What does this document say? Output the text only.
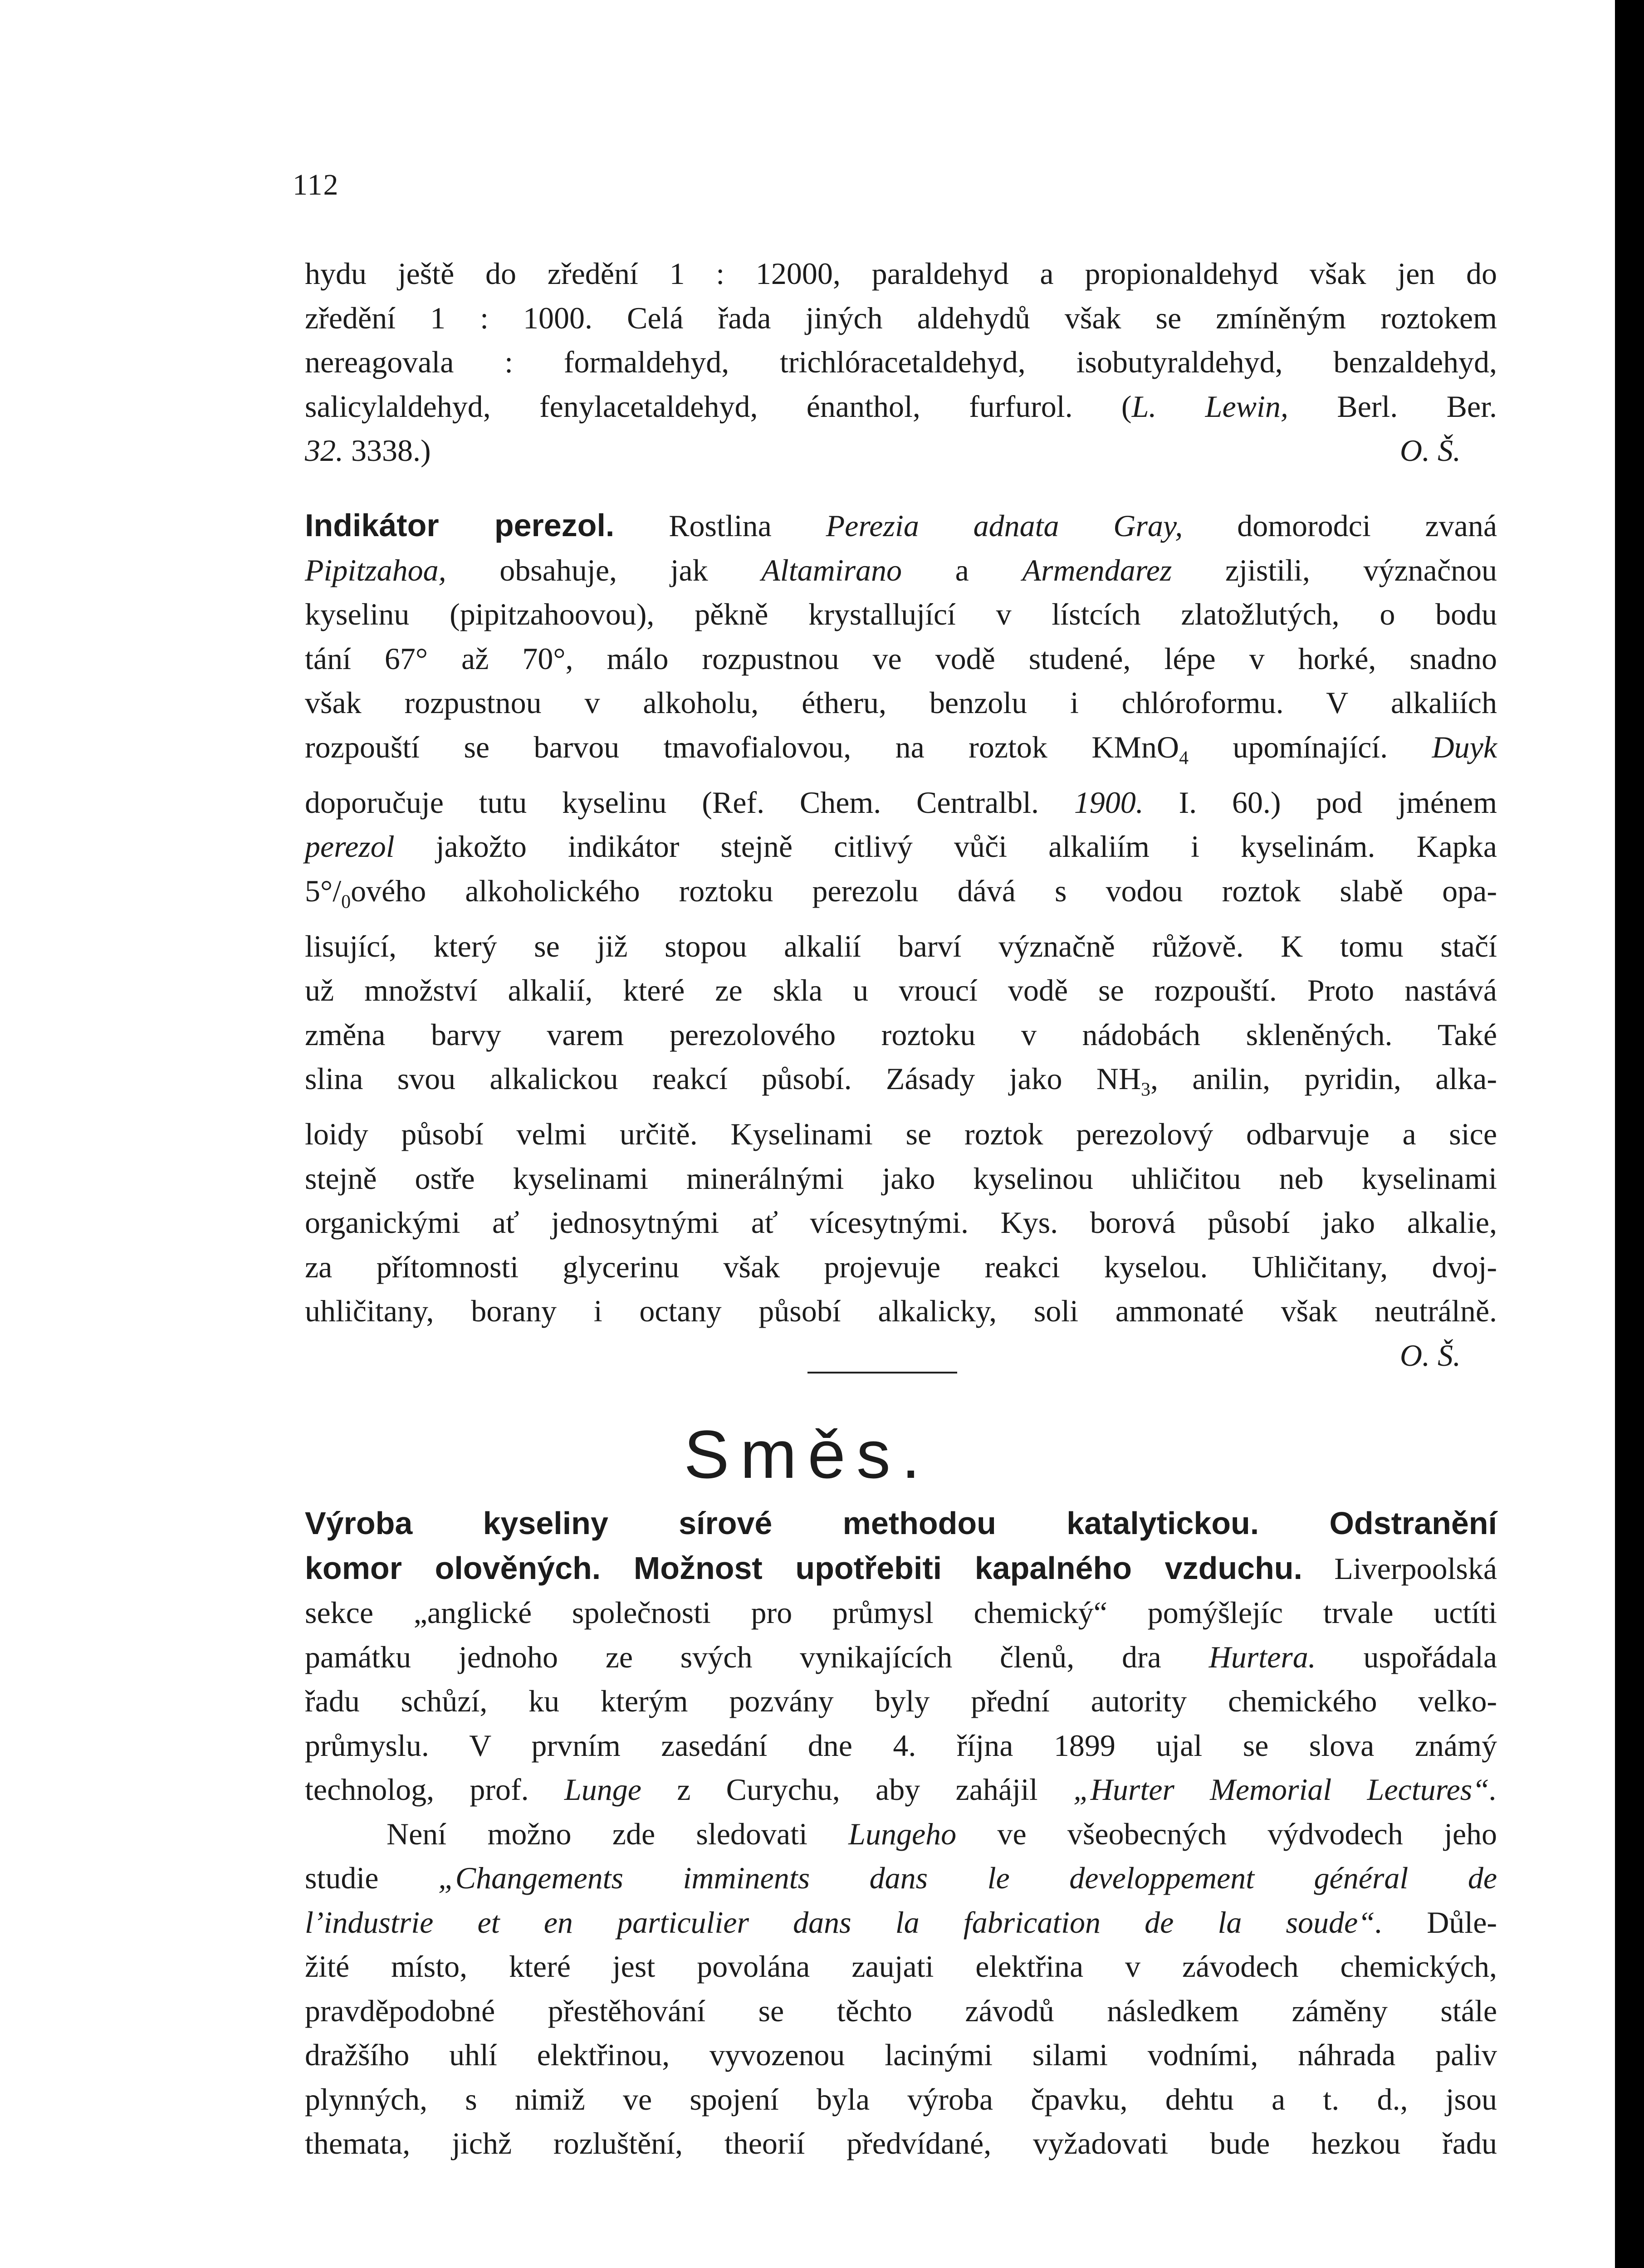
112

hydu ještě do zředění 1 : 12000, paraldehyd a propionaldehyd však jen do

zředění 1 : 1000. Celá řada jiných aldehydů však se zmíněným roztokem

nereagovala : formaldehyd, trichlóracetaldehyd, isobutyraldehyd, benzaldehyd,

salicylaldehyd, fenylacetaldehyd, énanthol, furfurol. (L. Lewin, Berl. Ber.

32. 3338.)	O. Š.

Indikátor perezol. Rostlina Perezia adnata Gray, domorodci zvaná

Pipitzahoa, obsahuje, jak Altamirano a Armendarez zjistili, význačnou

kyselinu (pipitzahoovou), pěkně krystallující v lístcích zlatožlutých, o bodu

tání 67° až 70°, málo rozpustnou ve vodě studené, lépe v horké, snadno

však rozpustnou v alkoholu, étheru, benzolu i chlóroformu. V alkaliích

rozpouští se barvou tmavofialovou, na roztok KMnO$_4$ upomínající. Duyk

doporučuje tutu kyselinu (Ref. Chem. Centralbl. 1900. I. 60.) pod jménem

perezol jakožto indikátor stejně citlivý vůči alkaliím i kyselinám. Kapka

$5^\circ/_0ového$ alkoholického roztoku perezolu dává s vodou roztok slabě opa-

lisující, který se již stopou alkalií barví význačně růžově. K tomu stačí

už množství alkalií, které ze skla u vroucí vodě se rozpouští. Proto nastává

změna barvy varem perezolového roztoku v nádobách skleněných. Také

slina svou alkalickou reakcí působí. Zásady jako $NH_3$, anilin, pyridin, alka-

loidy působí velmi určitě. Kyselinami se roztok perezolový odbarvuje a sice

stejně ostře kyselinami minerálnými jako kyselinou uhličitou neb kyselinami

organickými ať jednosytnými ať vícesytnými. Kys. borová působí jako alkalie,

za přítomnosti glycerinu však projevuje reakci kyselou. Uhličitany, dvoj-

uhličitany, borany i octany působí alkalicky, soli ammonaté však neutrálně.

O. Š.
Směs.

Výroba kyseliny sírové methodou katalytickou. Odstranění

komor olověných. Možnost upotřebiti kapalného vzduchu. Liverpoolská

sekce „anglické společnosti pro průmysl chemický“ pomýšlejíc trvale uctíti

památku jednoho ze svých vynikajících členů, dra Hurtera. uspořádala

řadu schůzí, ku kterým pozvány byly přední autority chemického velko-

průmyslu. V prvním zasedání dne 4. října 1899 ujal se slova známý

technolog, prof. Lunge z Curychu, aby zahájil „Hurter Memorial Lectures“.

Není možno zde sledovati Lungeho ve všeobecných výdvodech jeho

studie „Changements imminents dans le developpement général de

l’industrie et en particulier dans la fabrication de la soude“. Důle-

žité místo, které jest povolána zaujati elektřina v závodech chemických,

pravděpodobné přestěhování se těchto závodů následkem záměny stále

dražšího uhlí elektřinou, vyvozenou lacinými silami vodními, náhrada paliv

plynných, s nimiž ve spojení byla výroba čpavku, dehtu a t. d., jsou

themata, jichž rozluštění, theorií předvídané, vyžadovati bude hezkou řadu
